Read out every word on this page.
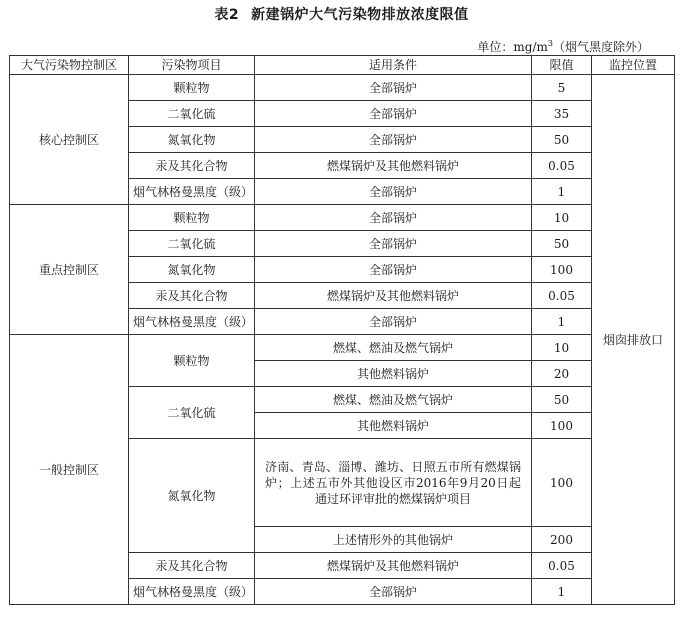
表2 新建锅炉大气污染物排放浓度限值
单位：$mg/m^3$（烟气黑度除外）
大气污染物控制区	污染物项目	适用条件	限值	监控位置
核心控制区	颗粒物	全部锅炉	5	烟囱排放口
	二氧化硫	全部锅炉	35	
	氮氧化物	全部锅炉	50	
	汞及其化合物	燃煤锅炉及其他燃料锅炉	0.05	
	烟气林格曼黑度（级）	全部锅炉	1	
重点控制区	颗粒物	全部锅炉	10	
	二氧化硫	全部锅炉	50	
	氮氧化物	全部锅炉	100	
	汞及其化合物	燃煤锅炉及其他燃料锅炉	0.05	
	烟气林格曼黑度（级）	全部锅炉	1	
一般控制区	颗粒物	燃煤、燃油及燃气锅炉	10	
		其他燃料锅炉	20	
	二氧化硫	燃煤、燃油及燃气锅炉	50	
		其他燃料锅炉	100	
	氮氧化物	济南、青岛、淄博、潍坊、日照五市所有燃煤锅炉；上述五市外其他设区市2016年9月20日起通过环评审批的燃煤锅炉项目	100	
		上述情形外的其他锅炉	200	
	汞及其化合物	燃煤锅炉及其他燃料锅炉	0.05	
	烟气林格曼黑度（级）	全部锅炉	1	
